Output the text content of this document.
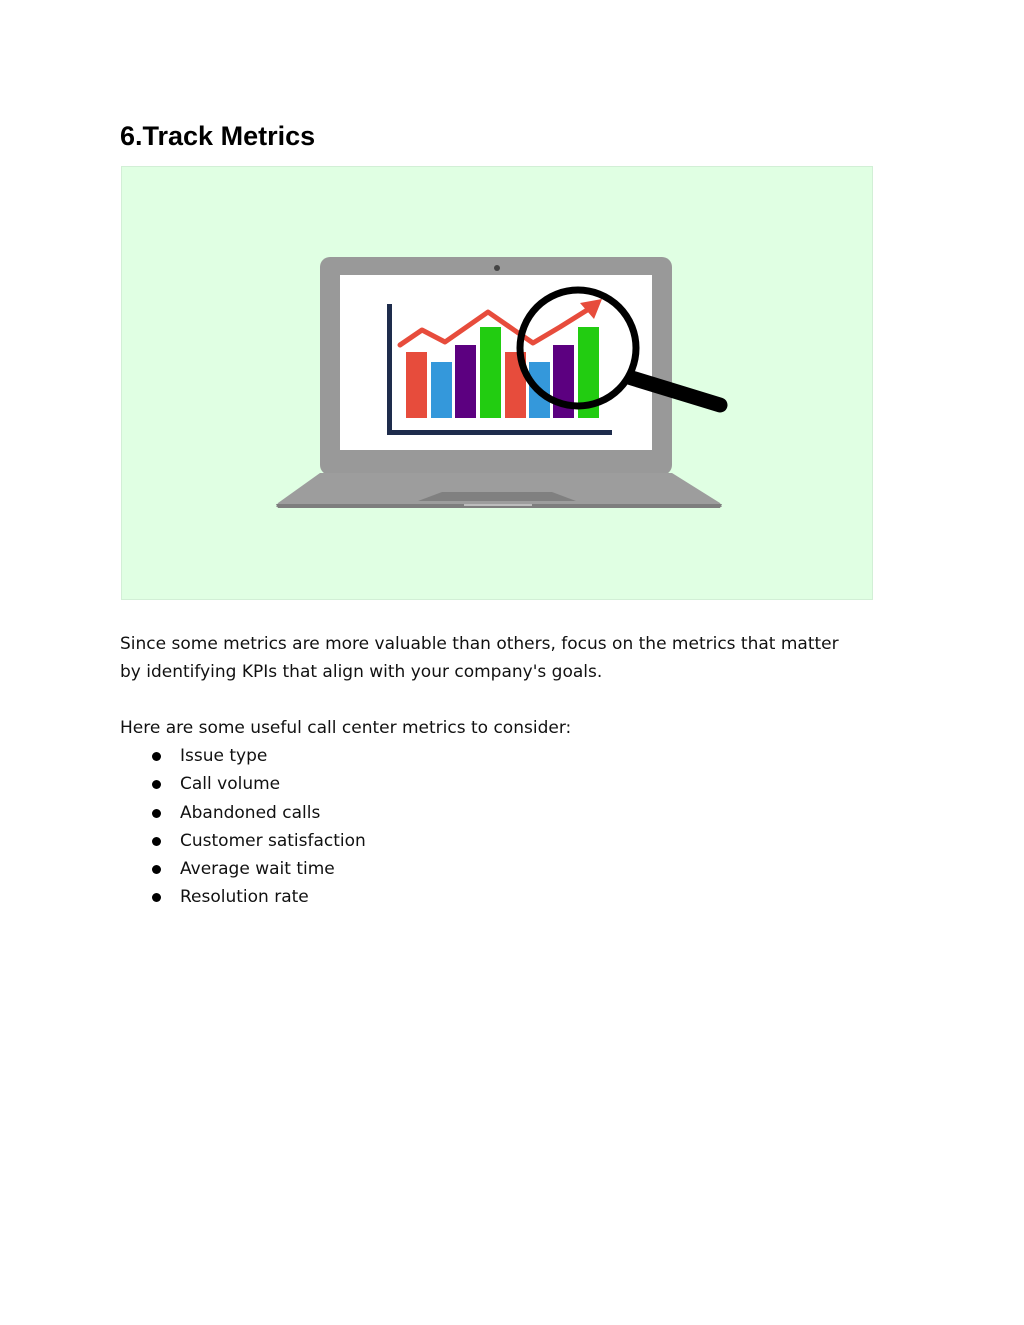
6.Track Metrics

Since some metrics are more valuable than others, focus on the metrics that matter by identifying KPIs that align with your company's goals.

Here are some useful call center metrics to consider:

Issue type
Call volume
Abandoned calls
Customer satisfaction
Average wait time
Resolution rate
